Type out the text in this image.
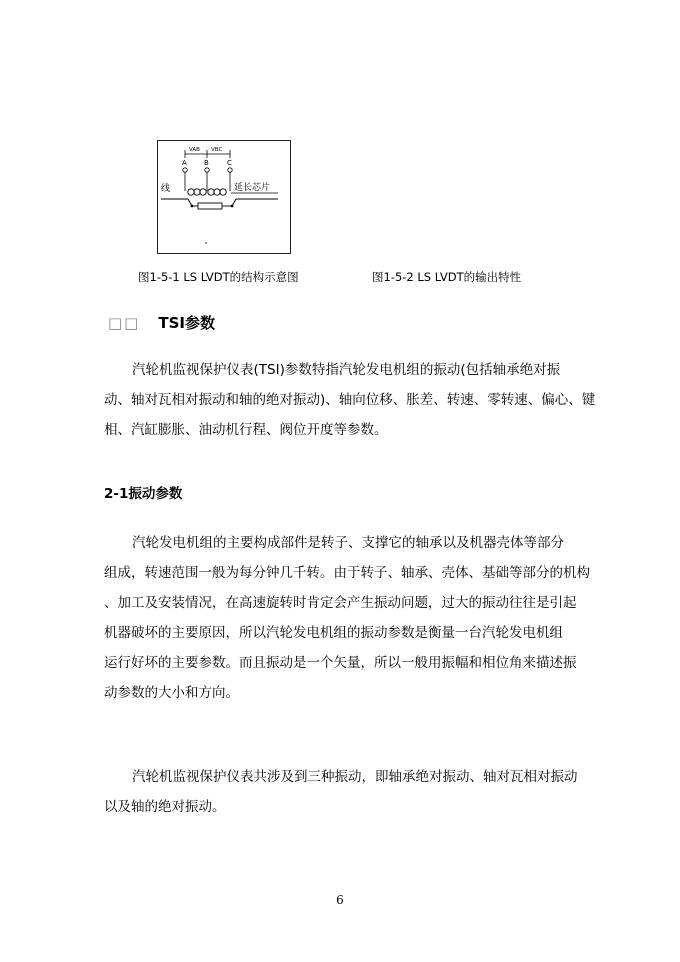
VAB VBC
A B	C
线	延长芯片
图1-5-1 LS LVDT的结构示意图	图1-5-2 LS LVDT的输出特性
□□ TSI参数
汽轮机监视保护仪表(TSI)参数特指汽轮发电机组的振动(包括轴承绝对振
动、轴对瓦相对振动和轴的绝对振动)、轴向位移、胀差、转速、零转速、偏心、键
相、汽缸膨胀、油动机行程、阀位开度等参数。
2-1振动参数
汽轮发电机组的主要构成部件是转子、支撑它的轴承以及机器壳体等部分
组成，转速范围一般为每分钟几千转。由于转子、轴承、壳体、基础等部分的机构
、加工及安装情况，在高速旋转时肯定会产生振动问题，过大的振动往往是引起
机器破坏的主要原因，所以汽轮发电机组的振动参数是衡量一台汽轮发电机组
运行好坏的主要参数。而且振动是一个矢量，所以一般用振幅和相位角来描述振
动参数的大小和方向。
汽轮机监视保护仪表共涉及到三种振动，即轴承绝对振动、轴对瓦相对振动
以及轴的绝对振动。
6
